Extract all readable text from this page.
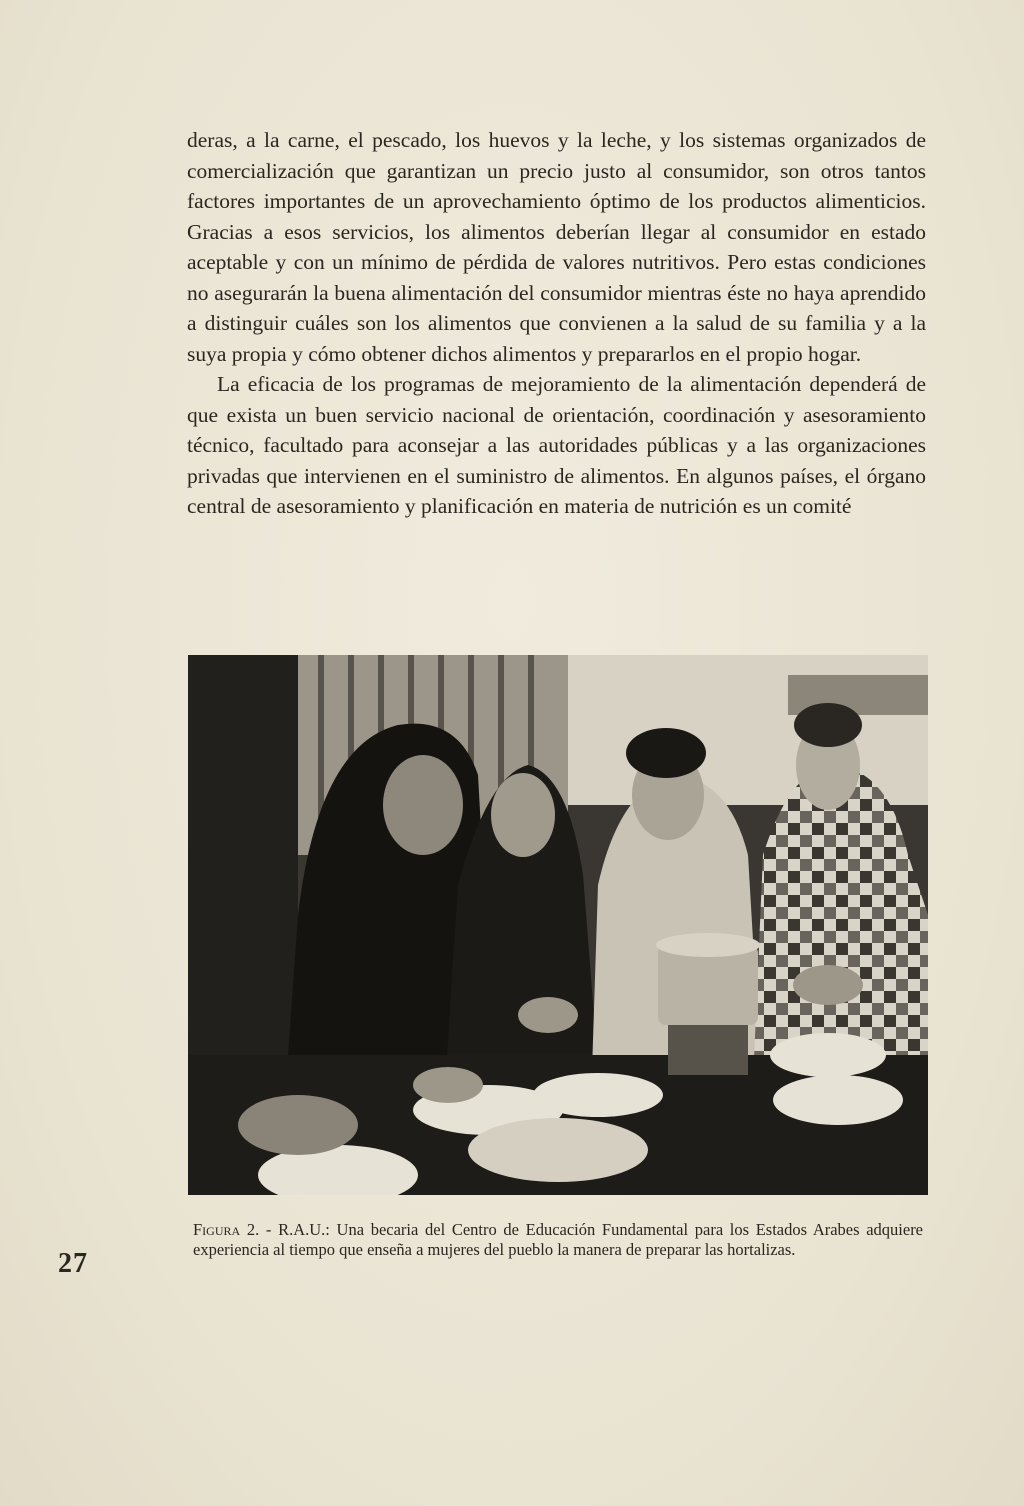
deras, a la carne, el pescado, los huevos y la leche, y los sistemas organizados de comercialización que garantizan un precio justo al consumidor, son otros tantos factores importantes de un aprovechamiento óptimo de los productos alimenticios. Gracias a esos servicios, los alimentos deberían llegar al consumidor en estado aceptable y con un mínimo de pérdida de valores nutritivos. Pero estas condiciones no asegurarán la buena alimentación del consumidor mientras éste no haya aprendido a distinguir cuáles son los alimentos que convienen a la salud de su familia y a la suya propia y cómo obtener dichos alimentos y prepararlos en el propio hogar.

La eficacia de los programas de mejoramiento de la alimentación dependerá de que exista un buen servicio nacional de orientación, coordinación y asesoramiento técnico, facultado para aconsejar a las autoridades públicas y a las organizaciones privadas que intervienen en el suministro de alimentos. En algunos países, el órgano central de asesoramiento y planificación en materia de nutrición es un comité

Figura 2. - R.A.U.: Una becaria del Centro de Educación Fundamental para los Estados Arabes adquiere experiencia al tiempo que enseña a mujeres del pueblo la manera de preparar las hortalizas.
27
